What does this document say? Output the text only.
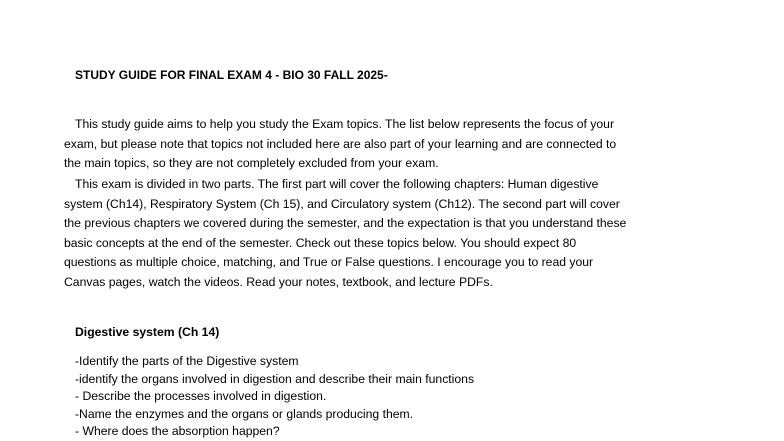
STUDY GUIDE FOR FINAL EXAM 4 - BIO 30 FALL 2025-

This study guide aims to help you study the Exam topics. The list below represents the focus of your
exam, but please note that topics not included here are also part of your learning and are connected to
the main topics, so they are not completely excluded from your exam.

This exam is divided in two parts. The first part will cover the following chapters: Human digestive
system (Ch14), Respiratory System (Ch 15), and Circulatory system (Ch12). The second part will cover
the previous chapters we covered during the semester, and the expectation is that you understand these
basic concepts at the end of the semester. Check out these topics below. You should expect 80
questions as multiple choice, matching, and True or False questions. I encourage you to read your
Canvas pages, watch the videos. Read your notes, textbook, and lecture PDFs.

Digestive system (Ch 14)
-Identify the parts of the Digestive system
-identify the organs involved in digestion and describe their main functions
- Describe the processes involved in digestion.
-Name the enzymes and the organs or glands producing them.
- Where does the absorption happen?
